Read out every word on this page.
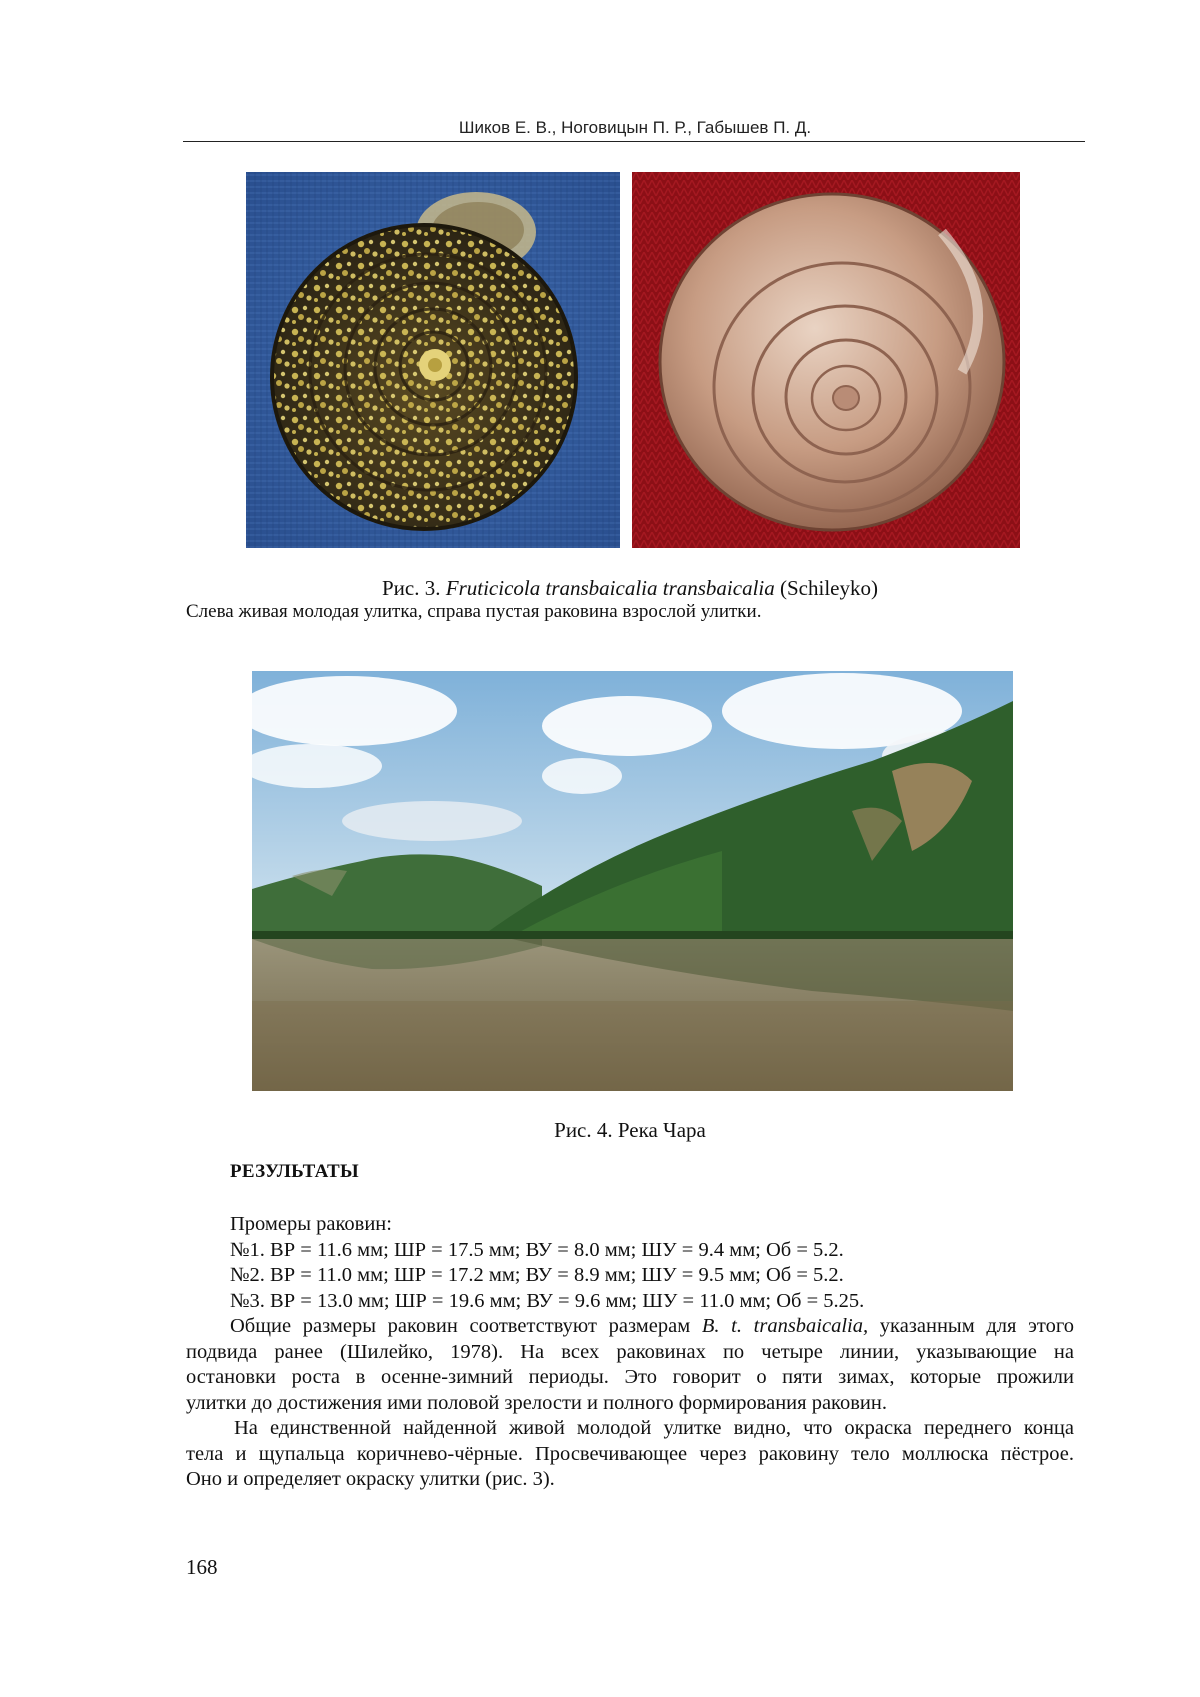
Шиков Е. В., Ноговицын П. Р., Габышев П. Д.
Рис. 3. Fruticicola transbaicalia transbaicalia (Schileyko)
Слева живая молодая улитка, справа пустая раковина взрослой улитки.
Рис. 4. Река Чара
РЕЗУЛЬТАТЫ
Промеры раковин:
№1. ВР = 11.6 мм; ШР = 17.5 мм; ВУ = 8.0 мм; ШУ = 9.4 мм; Об = 5.2.
№2. ВР = 11.0 мм; ШР = 17.2 мм; ВУ = 8.9 мм; ШУ = 9.5 мм; Об = 5.2.
№3. ВР = 13.0 мм; ШР = 19.6 мм; ВУ = 9.6 мм; ШУ = 11.0 мм; Об = 5.25.
Общие размеры раковин соответствуют размерам B. t. transbaicalia, указанным для этого
подвида ранее (Шилейко, 1978). На всех раковинах по четыре линии, указывающие на
остановки роста в осенне-зимний периоды. Это говорит о пяти зимах, которые прожили
улитки до достижения ими половой зрелости и полного формирования раковин.
На единственной найденной живой молодой улитке видно, что окраска переднего конца
тела и щупальца коричнево-чёрные. Просвечивающее через раковину тело моллюска пёстрое.
Оно и определяет окраску улитки (рис. 3).
168
